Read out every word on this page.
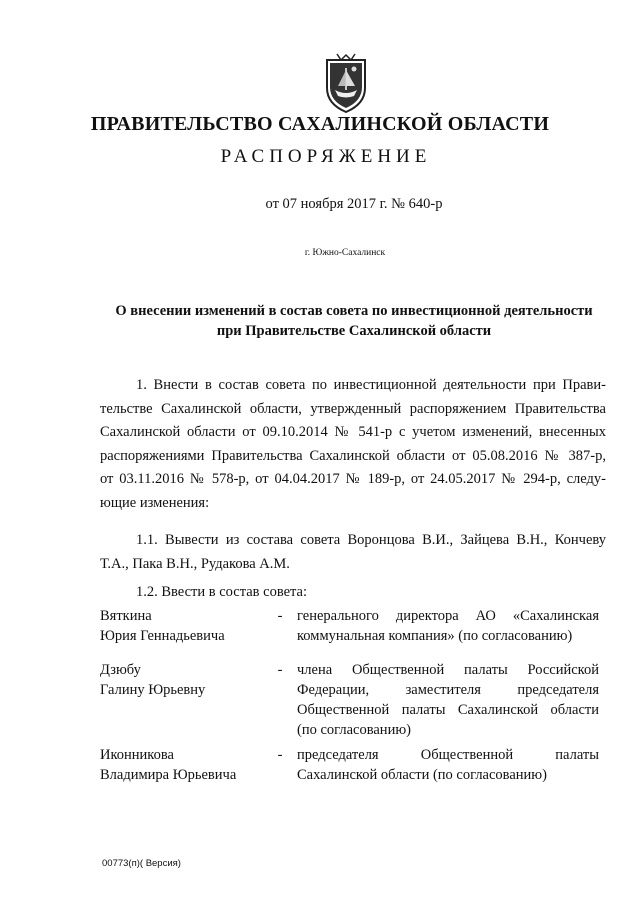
ПРАВИТЕЛЬСТВО САХАЛИНСКОЙ ОБЛАСТИ
РАСПОРЯЖЕНИЕ
от 07 ноября 2017 г. № 640-р
г. Южно-Сахалинск
О внесении изменений в состав совета по инвестиционной деятельности
при Правительстве Сахалинской области
1. Внести в состав совета по инвестиционной деятельности при Прави-
тельстве Сахалинской области, утвержденный распоряжением Правительства
Сахалинской области от 09.10.2014 № 541-р с учетом изменений, внесенных
распоряжениями Правительства Сахалинской области от 05.08.2016 № 387-р,
от 03.11.2016 № 578-р, от 04.04.2017 № 189-р, от 24.05.2017 № 294-р, следу-
ющие изменения:
1.1. Вывести из состава совета Воронцова В.И., Зайцева В.Н., Кончеву
Т.А., Пака В.Н., Рудакова А.М.
1.2. Ввести в состав совета:
Вяткина
Юрия Геннадьевича
- генерального директора АО «Сахалинская
коммунальная компания» (по согласованию)
Дзюбу
Галину Юрьевну
- члена Общественной палаты Российской
Федерации, заместителя председателя
Общественной палаты Сахалинской области
(по согласованию)
Иконникова
Владимира Юрьевича
- председателя Общественной палаты
Сахалинской области (по согласованию)
00773(п)( Версия)
